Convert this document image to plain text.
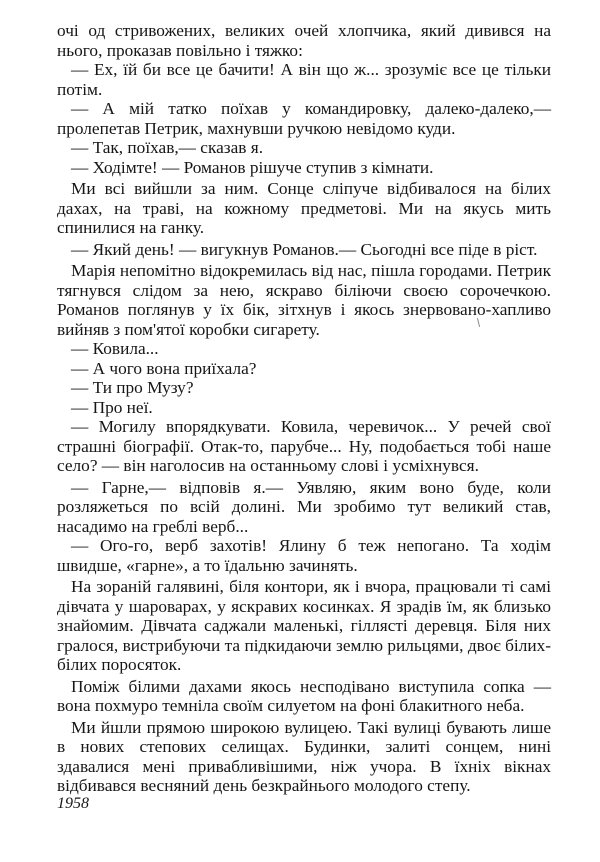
очі од стривожених, великих очей хлопчика, який дивився на нього, проказав повільно і тяжко:

— Ех, їй би все це бачити! А він що ж... зрозуміє все це тільки потім.

— А мій татко поїхав у командировку, далеко-далеко,— пролепетав Петрик, махнувши ручкою невідомо куди.

— Так, поїхав,— сказав я.

— Ходімте! — Романов рішуче ступив з кімнати.

Ми всі вийшли за ним. Сонце сліпуче відбивалося на білих дахах, на траві, на кожному предметові. Ми на якусь мить спинилися на ганку.

— Який день! — вигукнув Романов.— Сьогодні все піде в ріст.

Марія непомітно відокремилась від нас, пішла городами. Петрик тягнувся слідом за нею, яскраво біліючи своєю сорочечкою. Романов поглянув у їх бік, зітхнув і якось знервовано-хапливо вийняв з пом'ятої коробки сигарету.

— Ковила...

— А чого вона приїхала?

— Ти про Музу?

— Про неї.

— Могилу впорядкувати. Ковила, черевичок... У речей свої страшні біографії. Отак-то, парубче... Ну, подобається тобі наше село? — він наголосив на останньому слові і усміхнувся.

— Гарне,— відповів я.— Уявляю, яким воно буде, коли розляжеться по всій долині. Ми зробимо тут великий став, насадимо на греблі верб...

— Ого-го, верб захотів! Ялину б теж непогано. Та ходім швидше, «гарне», а то їдальню зачинять.

На зораній галявині, біля контори, як і вчора, працювали ті самі дівчата у шароварах, у яскравих косинках. Я зрадів їм, як близько знайомим. Дівчата саджали маленькі, гіллясті деревця. Біля них гралося, вистрибуючи та підкидаючи землю рильцями, двоє білих-білих поросяток.

Поміж білими дахами якось несподівано виступила сопка — вона похмуро темніла своїм силуетом на фоні блакитного неба.

Ми йшли прямою широкою вулицею. Такі вулиці бувають лише в нових степових селищах. Будинки, залиті сонцем, нині здавалися мені привабливішими, ніж учора. В їхніх вікнах відбивався весняний день безкрайнього молодого степу.

1958
